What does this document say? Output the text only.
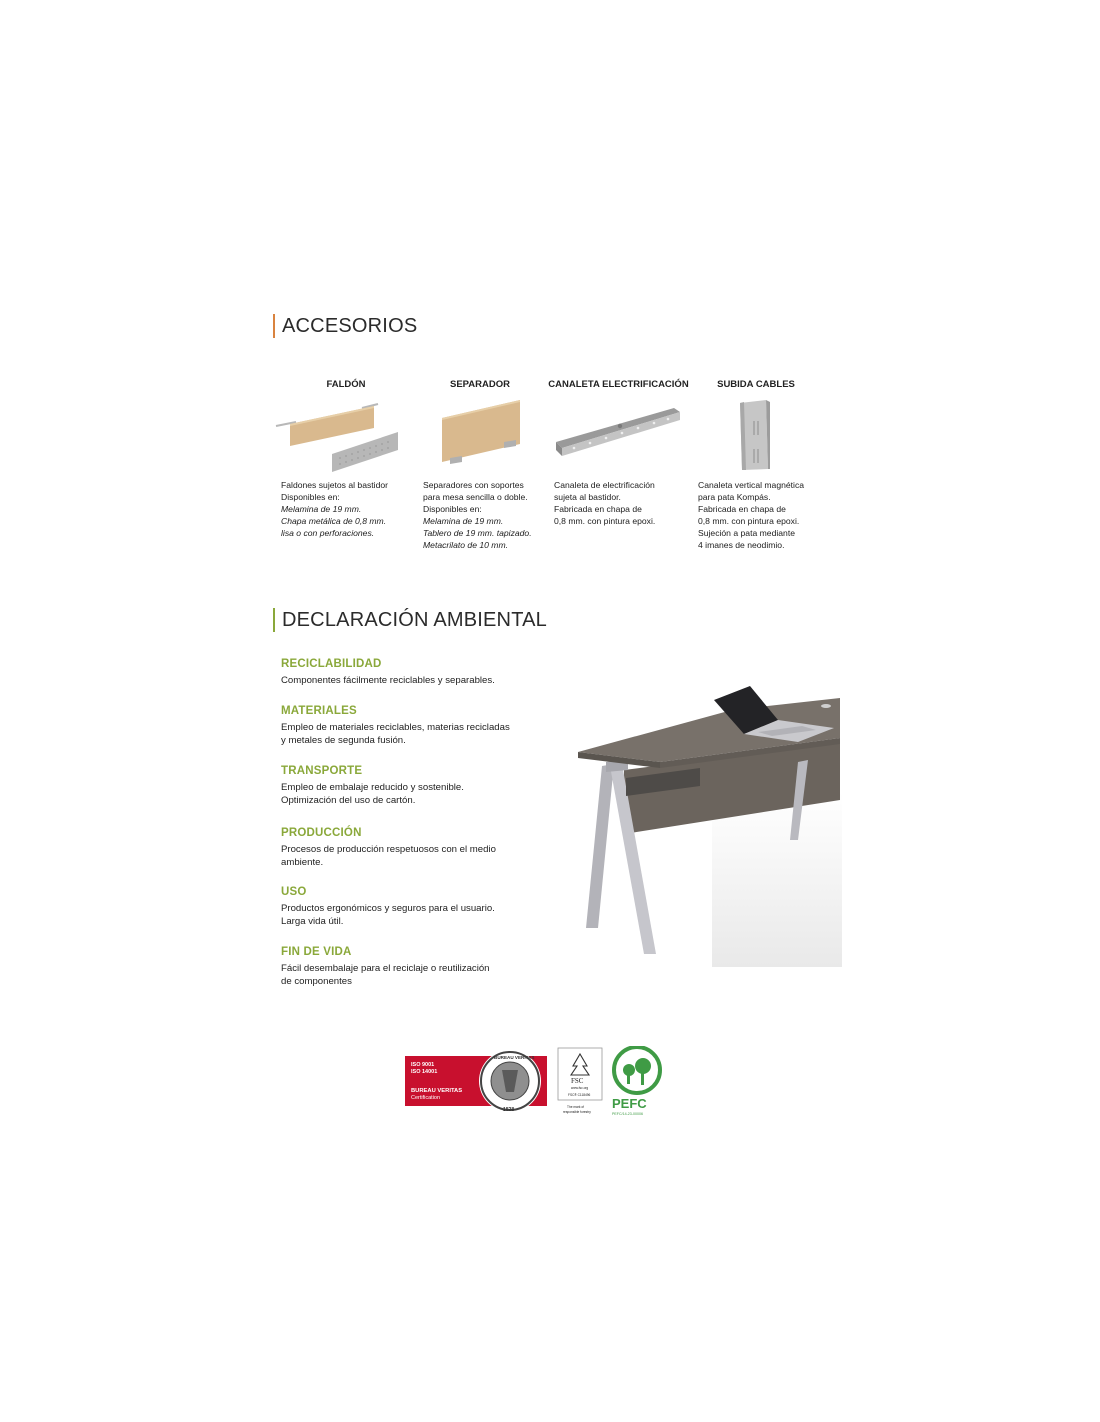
ACCESORIOS
FALDÓN
Faldones sujetos al bastidor
Disponibles en:
Melamina de 19 mm.
Chapa metálica de 0,8 mm.
lisa o con perforaciones.
SEPARADOR
Separadores con soportes
para mesa sencilla o doble.
Disponibles en:
Melamina de 19 mm.
Tablero de 19 mm. tapizado.
Metacrilato de 10 mm.
CANALETA ELECTRIFICACIÓN
Canaleta de electrificación
sujeta al bastidor.
Fabricada en chapa de
0,8 mm. con pintura epoxi.
SUBIDA CABLES
Canaleta vertical magnética
para pata Kompás.
Fabricada en chapa de
0,8 mm. con pintura epoxi.
Sujeción a pata mediante
4 imanes de neodimio.
DECLARACIÓN AMBIENTAL
RECICLABILIDAD
Componentes fácilmente reciclables y separables.
MATERIALES
Empleo de materiales reciclables, materias recicladas
y metales de segunda fusión.
TRANSPORTE
Empleo de embalaje reducido y sostenible.
Optimización del uso de cartón.
PRODUCCIÓN
Procesos de producción respetuosos con el medio
ambiente.
USO
Productos ergonómicos y seguros para el usuario.
Larga vida útil.
FIN DE VIDA
Fácil desembalaje para el reciclaje o reutilización
de componentes
ISO 9001
ISO 14001
BUREAU VERITAS
Certification
BUREAU VERITAS
1828
FSC
www.fsc.org
FSC® C118496
The mark of
responsible forestry
PEFC
PEFC/14-23-00006
